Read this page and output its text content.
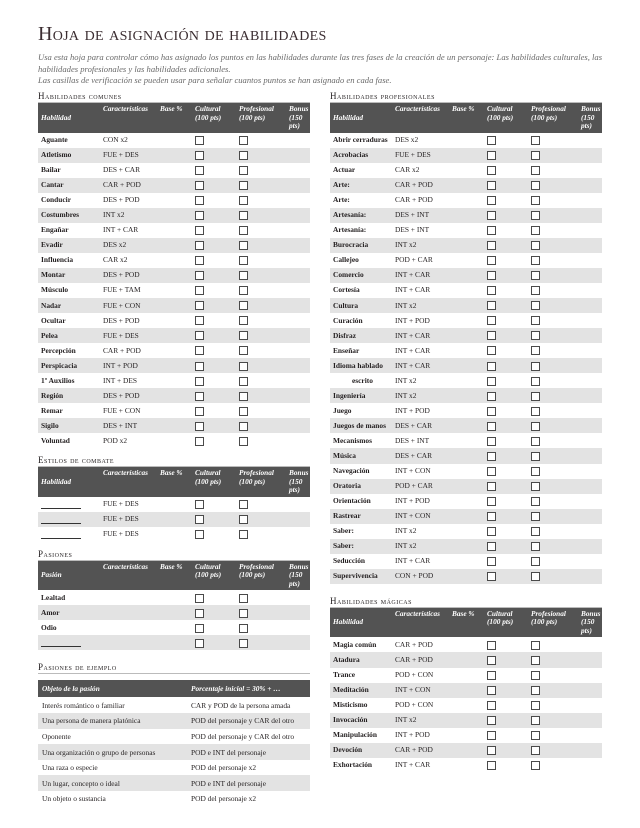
Hoja de asignación de habilidades

Usa esta hoja para controlar cómo has asignado los puntos en las habilidades durante las tres fases de la creación de un personaje: Las habilidades culturales, las habilidades profesionales y las habilidades adicionales.

Las casillas de verificación se pueden usar para señalar cuantos puntos se han asignado en cada fase.

Habilidades comunes
Habilidad	Características	Base %	Cultural (100 pts)	Profesional (100 pts)	Bonus (150 pts)
Aguante	CON x2				
Atletismo	FUE + DES				
Bailar	DES + CAR				
Cantar	CAR + POD				
Conducir	DES + POD				
Costumbres	INT x2				
Engañar	INT + CAR				
Evadir	DES x2				
Influencia	CAR x2				
Montar	DES + POD				
Músculo	FUE + TAM				
Nadar	FUE + CON				
Ocultar	DES + POD				
Pelea	FUE + DES				
Percepción	CAR + POD				
Perspicacia	INT + POD				
1º Auxilios	INT + DES				
Región	DES + POD				
Remar	FUE + CON				
Sigilo	DES + INT				
Voluntad	POD x2				
Estilos de combate
Habilidad	Características	Base %	Cultural (100 pts)	Profesional (100 pts)	Bonus (150 pts)
	FUE + DES				
	FUE + DES				
	FUE + DES				
Pasiones
Pasión	Características	Base %	Cultural (100 pts)	Profesional (100 pts)	Bonus (150 pts)
Lealtad					
Amor					
Odio					

Pasiones de ejemplo
Objeto de la pasión	Porcentaje inicial = 30% + …
Interés romántico o familiar	CAR y POD de la persona amada
Una persona de manera platónica	POD del personaje y CAR del otro
Oponente	POD del personaje y CAR del otro
Una organización o grupo de personas	POD e INT del personaje
Una raza o especie	POD del personaje x2
Un lugar, concepto o ideal	POD e INT del personaje
Un objeto o sustancia	POD del personaje x2
Habilidades profesionales
Habilidad	Características	Base %	Cultural (100 pts)	Profesional (100 pts)	Bonus (150 pts)
Abrir cerraduras	DES x2				
Acrobacias	FUE + DES				
Actuar	CAR x2				
Arte:	CAR + POD				
Arte:	CAR + POD				
Artesanía:	DES + INT				
Artesanía:	DES + INT				
Burocracia	INT x2				
Callejeo	POD + CAR				
Comercio	INT + CAR				
Cortesía	INT + CAR				
Cultura	INT x2				
Curación	INT + POD				
Disfraz	INT + CAR				
Enseñar	INT + CAR				
Idioma hablado	INT + CAR				
escrito	INT x2				
Ingeniería	INT x2				
Juego	INT + POD				
Juegos de manos	DES + CAR				
Mecanismos	DES + INT				
Música	DES + CAR				
Navegación	INT + CON				
Oratoria	POD + CAR				
Orientación	INT + POD				
Rastrear	INT + CON				
Saber:	INT x2				
Saber:	INT x2				
Seducción	INT + CAR				
Supervivencia	CON + POD				
Habilidades mágicas
Habilidad	Características	Base %	Cultural (100 pts)	Profesional (100 pts)	Bonus (150 pts)
Magia común	CAR + POD				
Atadura	CAR + POD				
Trance	POD + CON				
Meditación	INT + CON				
Misticismo	POD + CON				
Invocación	INT x2				
Manipulación	INT + POD				
Devoción	CAR + POD				
Exhortación	INT + CAR				
